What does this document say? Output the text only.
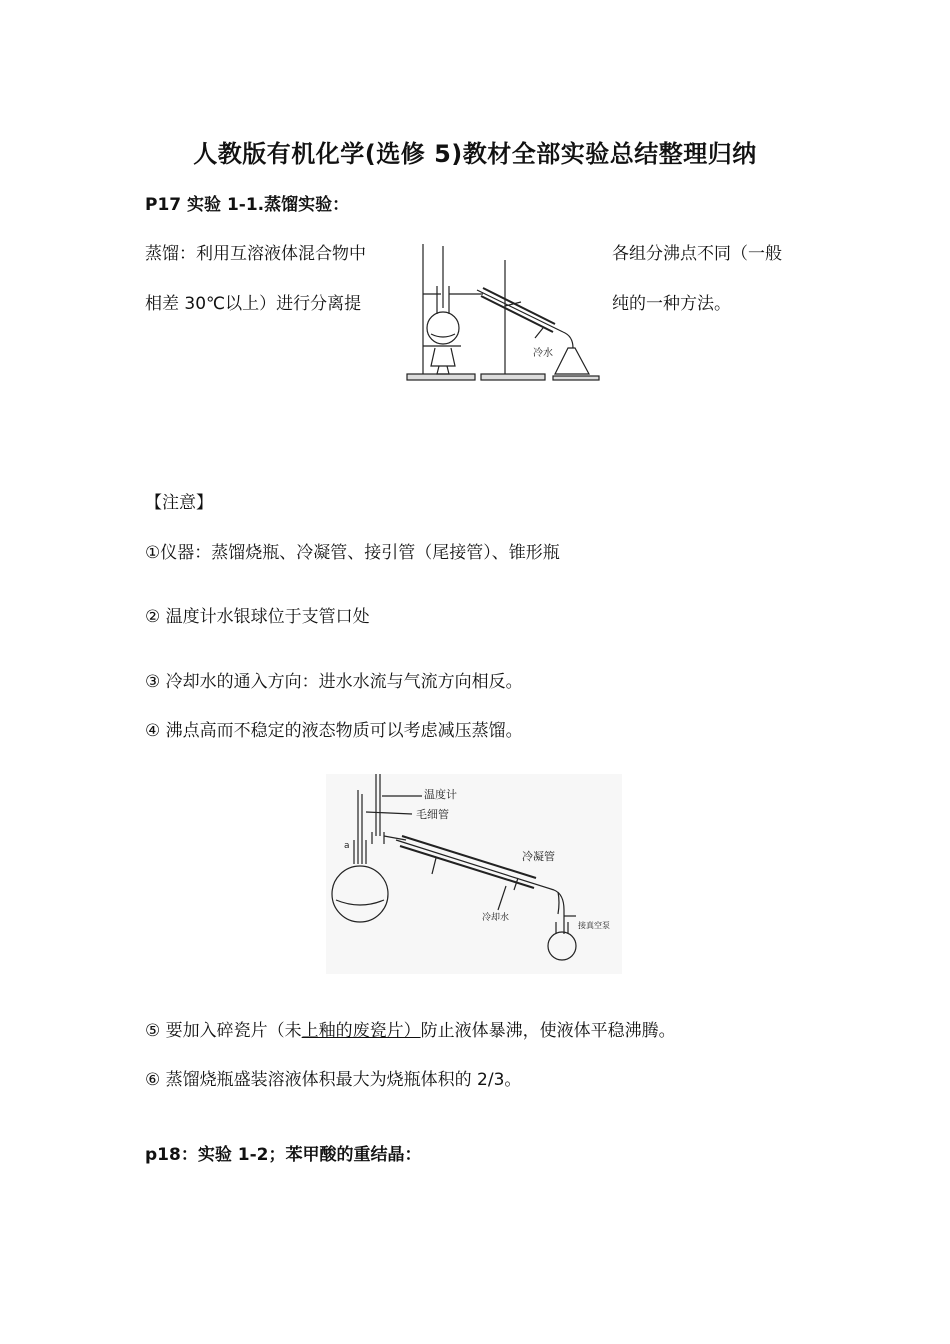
人教版有机化学(选修 5)教材全部实验总结整理归纳
P17 实验 1-1.蒸馏实验：
蒸馏：利用互溶液体混合物中	各组分沸点不同（一般
相差 30℃以上）进行分离提	纯的一种方法。
冷水
【注意】
①仪器：蒸馏烧瓶、冷凝管、接引管（尾接管）、锥形瓶
② 温度计水银球位于支管口处
③ 冷却水的通入方向：进水水流与气流方向相反。
④ 沸点高而不稳定的液态物质可以考虑减压蒸馏。
温度计
毛细管
冷凝管
冷却水
接真空泵
a
⑤ 要加入碎瓷片（未上釉的废瓷片）防止液体暴沸，使液体平稳沸腾。
⑥ 蒸馏烧瓶盛装溶液体积最大为烧瓶体积的 2/3。
p18：实验 1-2；苯甲酸的重结晶：
